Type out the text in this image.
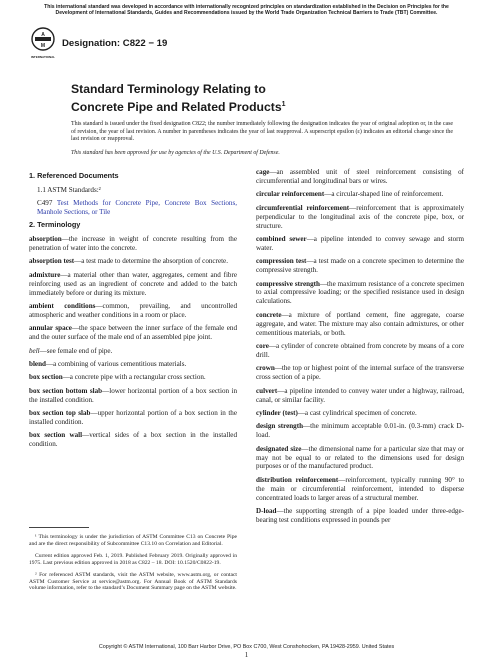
This international standard was developed in accordance with internationally recognized principles on standardization established in the Decision on Principles for the Development of International Standards, Guides and Recommendations issued by the World Trade Organization Technical Barriers to Trade (TBT) Committee.
A
M
INTERNATIONAL
Designation: C822 − 19
Standard Terminology Relating to
Concrete Pipe and Related Products$^1$
This standard is issued under the fixed designation C822; the number immediately following the designation indicates the year of original adoption or, in the case of revision, the year of last revision. A number in parentheses indicates the year of last reapproval. A superscript epsilon (ε) indicates an editorial change since the last revision or reapproval.
This standard has been approved for use by agencies of the U.S. Department of Defense.
1. Referenced Documents
1.1 ASTM Standards:²
C497 Test Methods for Concrete Pipe, Concrete Box Sections, Manhole Sections, or Tile
2. Terminology
absorption—the increase in weight of concrete resulting from the penetration of water into the concrete.
absorption test—a test made to determine the absorption of concrete.
admixture—a material other than water, aggregates, cement and fibre reinforcing used as an ingredient of concrete and added to the batch immediately before or during its mixture.
ambient conditions—common, prevailing, and uncontrolled atmospheric and weather conditions in a room or place.
annular space—the space between the inner surface of the female end and the outer surface of the male end of an assembled pipe joint.
bell—see female end of pipe.
blend—a combining of various cementitious materials.
box section—a concrete pipe with a rectangular cross section.
box section bottom slab—lower horizontal portion of a box section in the installed condition.
box section top slab—upper horizontal portion of a box section in the installed condition.
box section wall—vertical sides of a box section in the installed condition.
cage—an assembled unit of steel reinforcement consisting of circumferential and longitudinal bars or wires.
circular reinforcement—a circular-shaped line of reinforcement.
circumferential reinforcement—reinforcement that is approximately perpendicular to the longitudinal axis of the concrete pipe, box, or structure.
combined sewer—a pipeline intended to convey sewage and storm water.
compression test—a test made on a concrete specimen to determine the compressive strength.
compressive strength—the maximum resistance of a concrete specimen to axial compressive loading; or the specified resistance used in design calculations.
concrete—a mixture of portland cement, fine aggregate, coarse aggregate, and water. The mixture may also contain admixtures, or other cementitious materials, or both.
core—a cylinder of concrete obtained from concrete by means of a core drill.
crown—the top or highest point of the internal surface of the transverse cross section of a pipe.
culvert—a pipeline intended to convey water under a highway, railroad, canal, or similar facility.
cylinder (test)—a cast cylindrical specimen of concrete.
design strength—the minimum acceptable 0.01-in. (0.3-mm) crack D-load.
designated size—the dimensional name for a particular size that may or may not be equal to or related to the dimensions used for design purposes or of the manufactured product.
distribution reinforcement—reinforcement, typically running 90° to the main or circumferential reinforcement, intended to disperse concentrated loads to larger areas of a structural member.
D-load—the supporting strength of a pipe loaded under three-edge-bearing test conditions expressed in pounds per

¹ This terminology is under the jurisdiction of ASTM Committee C13 on Concrete Pipe and are the direct responsibility of Subcommittee C13.10 on Correlation and Editorial.

Current edition approved Feb. 1, 2019. Published February 2019. Originally approved in 1975. Last previous edition approved in 2018 as C822 – 18. DOI: 10.1520/C0822-19.

² For referenced ASTM standards, visit the ASTM website, www.astm.org, or contact ASTM Customer Service at service@astm.org. For Annual Book of ASTM Standards volume information, refer to the standard’s Document Summary page on the ASTM website.

Copyright © ASTM International, 100 Barr Harbor Drive, PO Box C700, West Conshohocken, PA 19428-2959. United States
1
